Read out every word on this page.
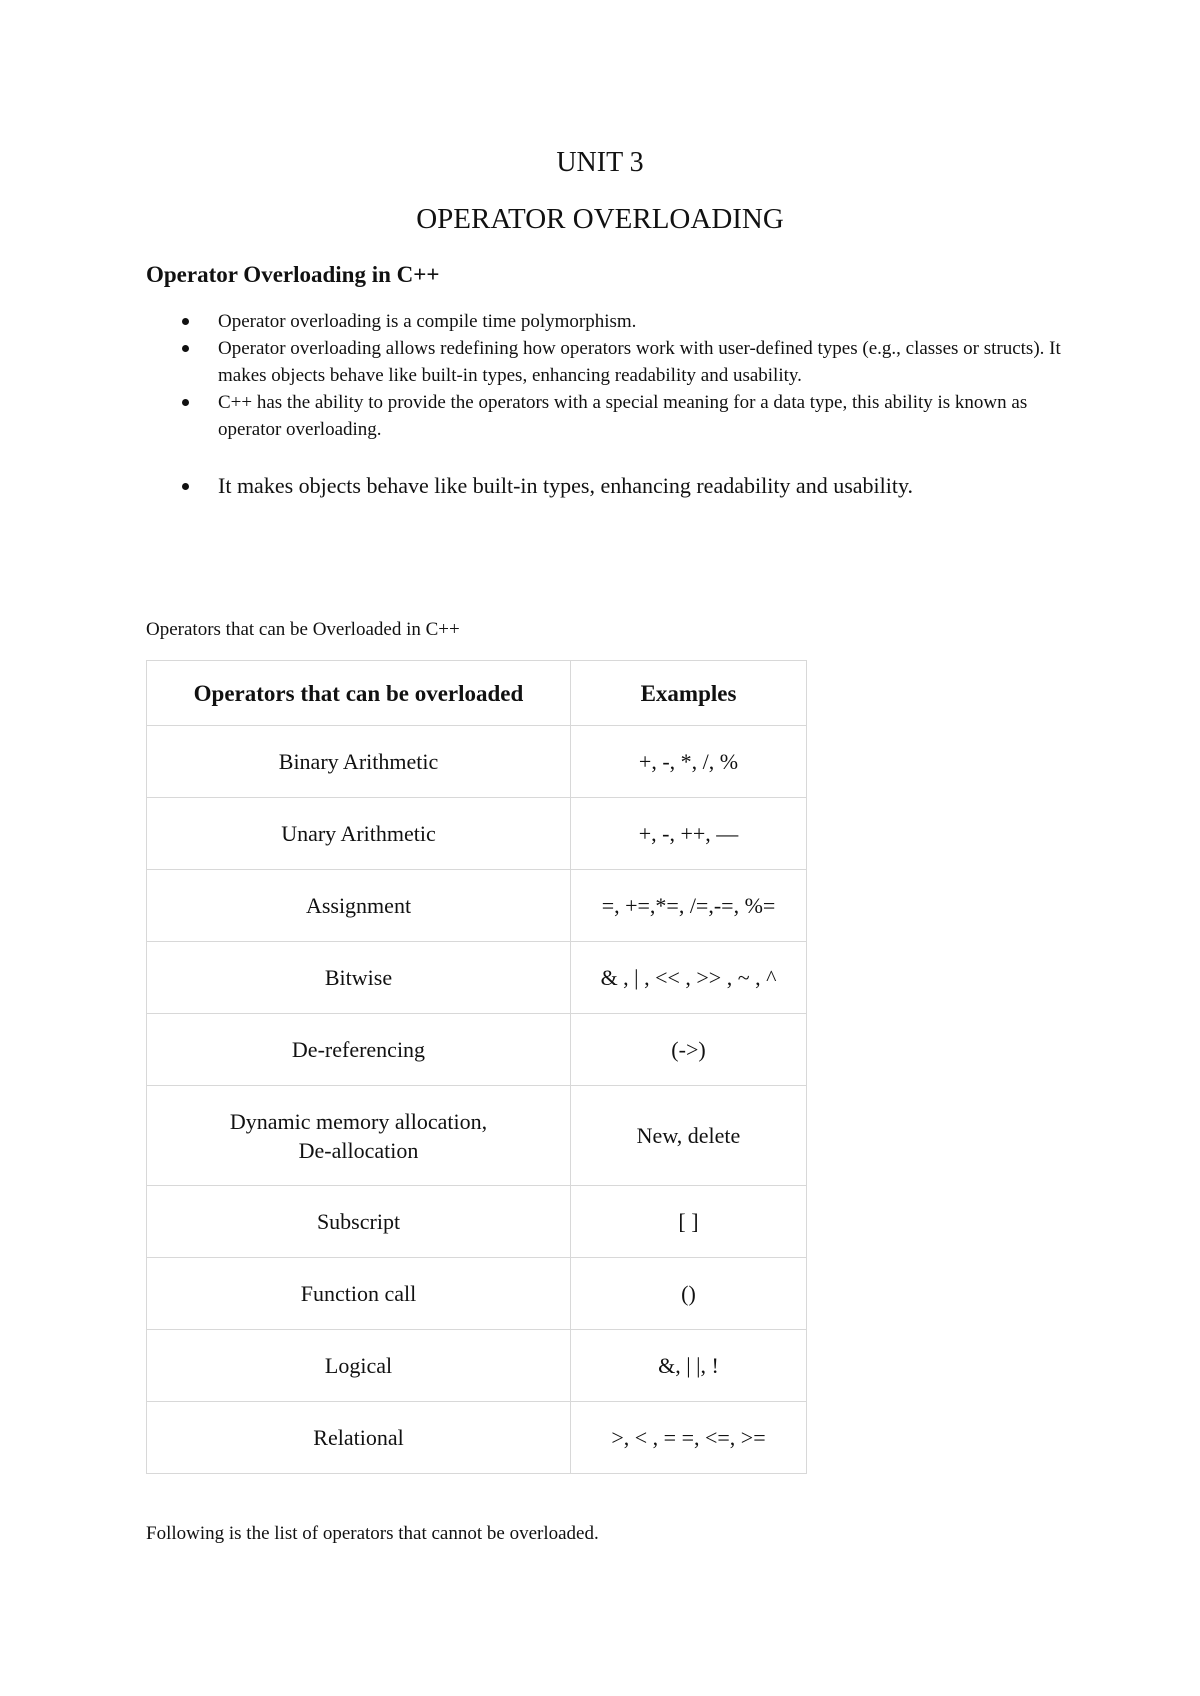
UNIT 3
OPERATOR OVERLOADING
Operator Overloading in C++
Operator overloading is a compile time polymorphism.
Operator overloading allows redefining how operators work with user-defined types (e.g., classes or structs). It makes objects behave like built-in types, enhancing readability and usability.
C++ has the ability to provide the operators with a special meaning for a data type, this ability is known as operator overloading.
It makes objects behave like built-in types, enhancing readability and usability.

Operators that can be Overloaded in C++

Operators that can be overloaded	Examples
Binary Arithmetic	+, -, *, /, %
Unary Arithmetic	+, -, ++, —
Assignment	=, +=,*=, /=,-=, %=
Bitwise	& , | , << , >> , ~ , ^
De-referencing	(->)

Dynamic memory allocation,
De-allocation	New, delete
Subscript	[ ]
Function call	()
Logical	&, | |, !
Relational	>, < , = =, <=, >=

Following is the list of operators that cannot be overloaded.
